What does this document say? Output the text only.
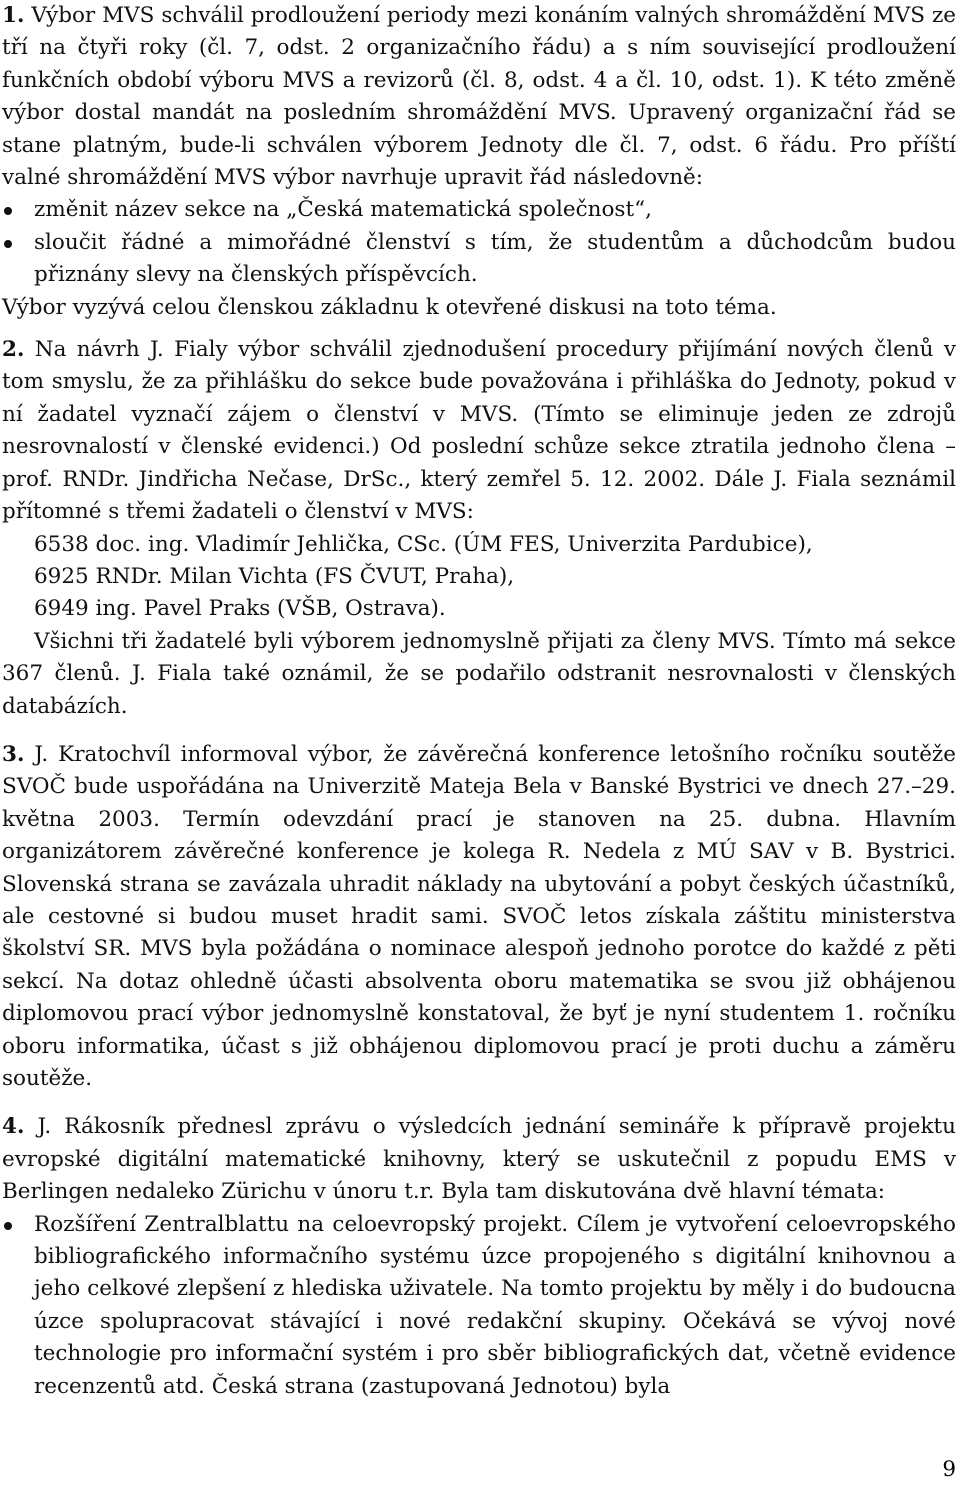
1. Výbor MVS schválil prodloužení periody mezi konáním valných shromáždění MVS ze tří na čtyři roky (čl. 7, odst. 2 organizačního řádu) a s ním související prodloužení funkčních období výboru MVS a revizorů (čl. 8, odst. 4 a čl. 10, odst. 1). K této změně výbor dostal mandát na posledním shromáždění MVS. Upravený organizační řád se stane platným, bude-li schválen výborem Jednoty dle čl. 7, odst. 6 řádu. Pro příští valné shromáždění MVS výbor navrhuje upravit řád následovně:

změnit název sekce na „Česká matematická společnost“,
sloučit řádné a mimořádné členství s tím, že studentům a důchodcům budou přiznány slevy na členských příspěvcích.

Výbor vyzývá celou členskou základnu k otevřené diskusi na toto téma.

2. Na návrh J. Fialy výbor schválil zjednodušení procedury přijímání nových členů v tom smyslu, že za přihlášku do sekce bude považována i přihláška do Jednoty, pokud v ní žadatel vyznačí zájem o členství v MVS. (Tímto se eliminuje jeden ze zdrojů nesrovnalostí v členské evidenci.) Od poslední schůze sekce ztratila jednoho člena – prof. RNDr. Jindřicha Nečase, DrSc., který zemřel 5. 12. 2002. Dále J. Fiala seznámil přítomné s třemi žadateli o členství v MVS:

6538 doc. ing. Vladimír Jehlička, CSc. (ÚM FES, Univerzita Pardubice),
6925 RNDr. Milan Vichta (FS ČVUT, Praha),
6949 ing. Pavel Praks (VŠB, Ostrava).

Všichni tři žadatelé byli výborem jednomyslně přijati za členy MVS. Tímto má sekce 367 členů. J. Fiala také oznámil, že se podařilo odstranit nesrovnalosti v členských databázích.

3. J. Kratochvíl informoval výbor, že závěrečná konference letošního ročníku soutěže SVOČ bude uspořádána na Univerzitě Mateja Bela v Banské Bystrici ve dnech 27.–29. května 2003. Termín odevzdání prací je stanoven na 25. dubna. Hlavním organizátorem závěrečné konference je kolega R. Nedela z MÚ SAV v B. Bystrici. Slovenská strana se zavázala uhradit náklady na ubytování a pobyt českých účastníků, ale cestovné si budou muset hradit sami. SVOČ letos získala záštitu ministerstva školství SR. MVS byla požádána o nominace alespoň jednoho porotce do každé z pěti sekcí. Na dotaz ohledně účasti absolventa oboru matematika se svou již obhájenou diplomovou prací výbor jednomyslně konstatoval, že byť je nyní studentem 1. ročníku oboru informatika, účast s již obhájenou diplomovou prací je proti duchu a záměru soutěže.

4. J. Rákosník přednesl zprávu o výsledcích jednání semináře k přípravě projektu evropské digitální matematické knihovny, který se uskutečnil z popudu EMS v Berlingen nedaleko Zürichu v únoru t.r. Byla tam diskutována dvě hlavní témata:

Rozšíření Zentralblattu na celoevropský projekt. Cílem je vytvoření celoevropského bibliografického informačního systému úzce propojeného s digitální knihovnou a jeho celkové zlepšení z hlediska uživatele. Na tomto projektu by měly i do budoucna úzce spolupracovat stávající i nové redakční skupiny. Očekává se vývoj nové technologie pro informační systém i pro sběr bibliografických dat, včetně evidence recenzentů atd. Česká strana (zastupovaná Jednotou) byla
9
